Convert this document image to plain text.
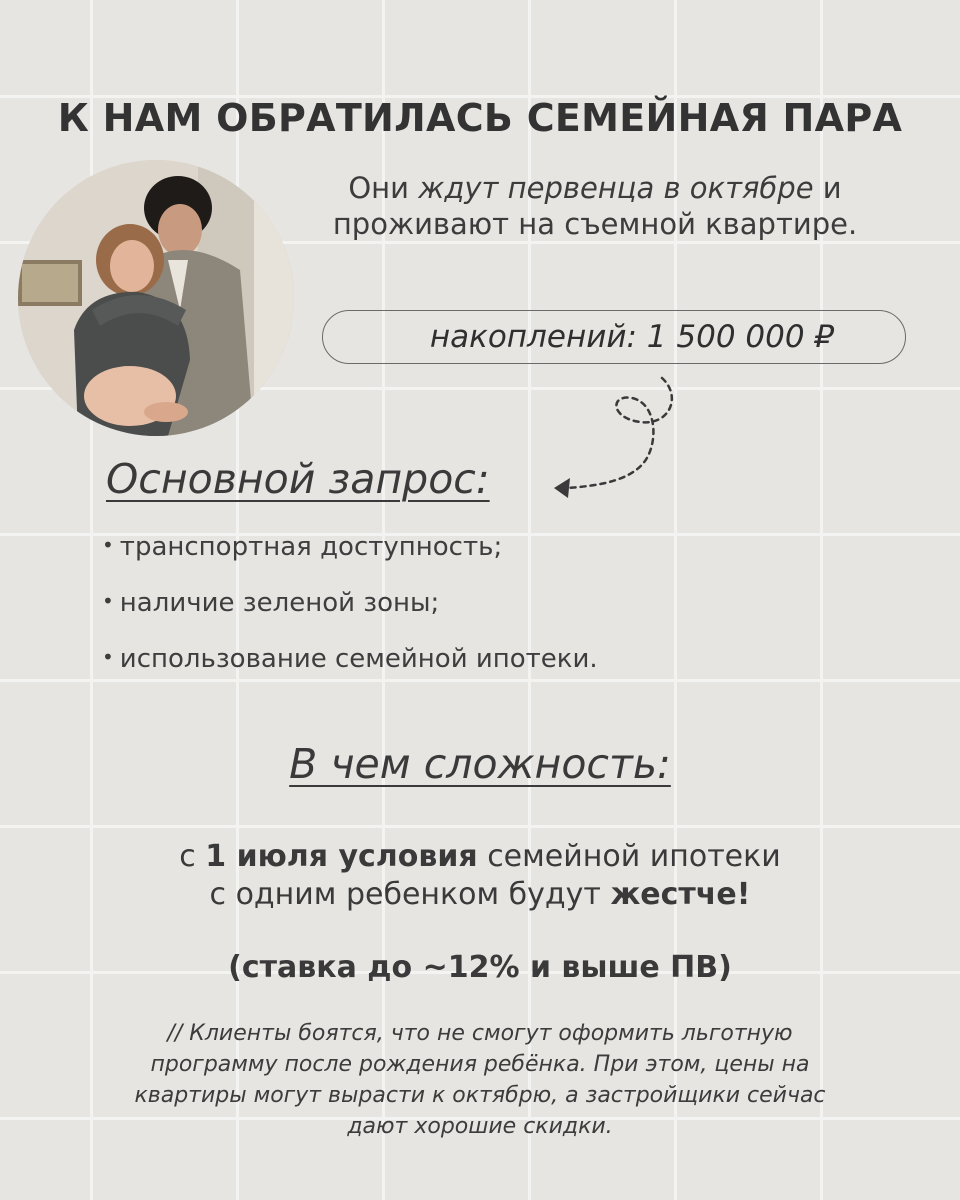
К НАМ ОБРАТИЛАСЬ СЕМЕЙНАЯ ПАРА
Они ждут первенца в октябре и
проживают на съемной квартире.
накоплений: 1 500 000 ₽
Основной запрос:
• транспортная доступность;
• наличие зеленой зоны;
• использование семейной ипотеки.
В чем сложность:
с 1 июля условия семейной ипотеки
с одним ребенком будут жестче!
(ставка до ~12% и выше ПВ)
// Клиенты боятся, что не смогут оформить льготную
программу после рождения ребёнка. При этом, цены на
квартиры могут вырасти к октябрю, а застройщики сейчас
дают хорошие скидки.
